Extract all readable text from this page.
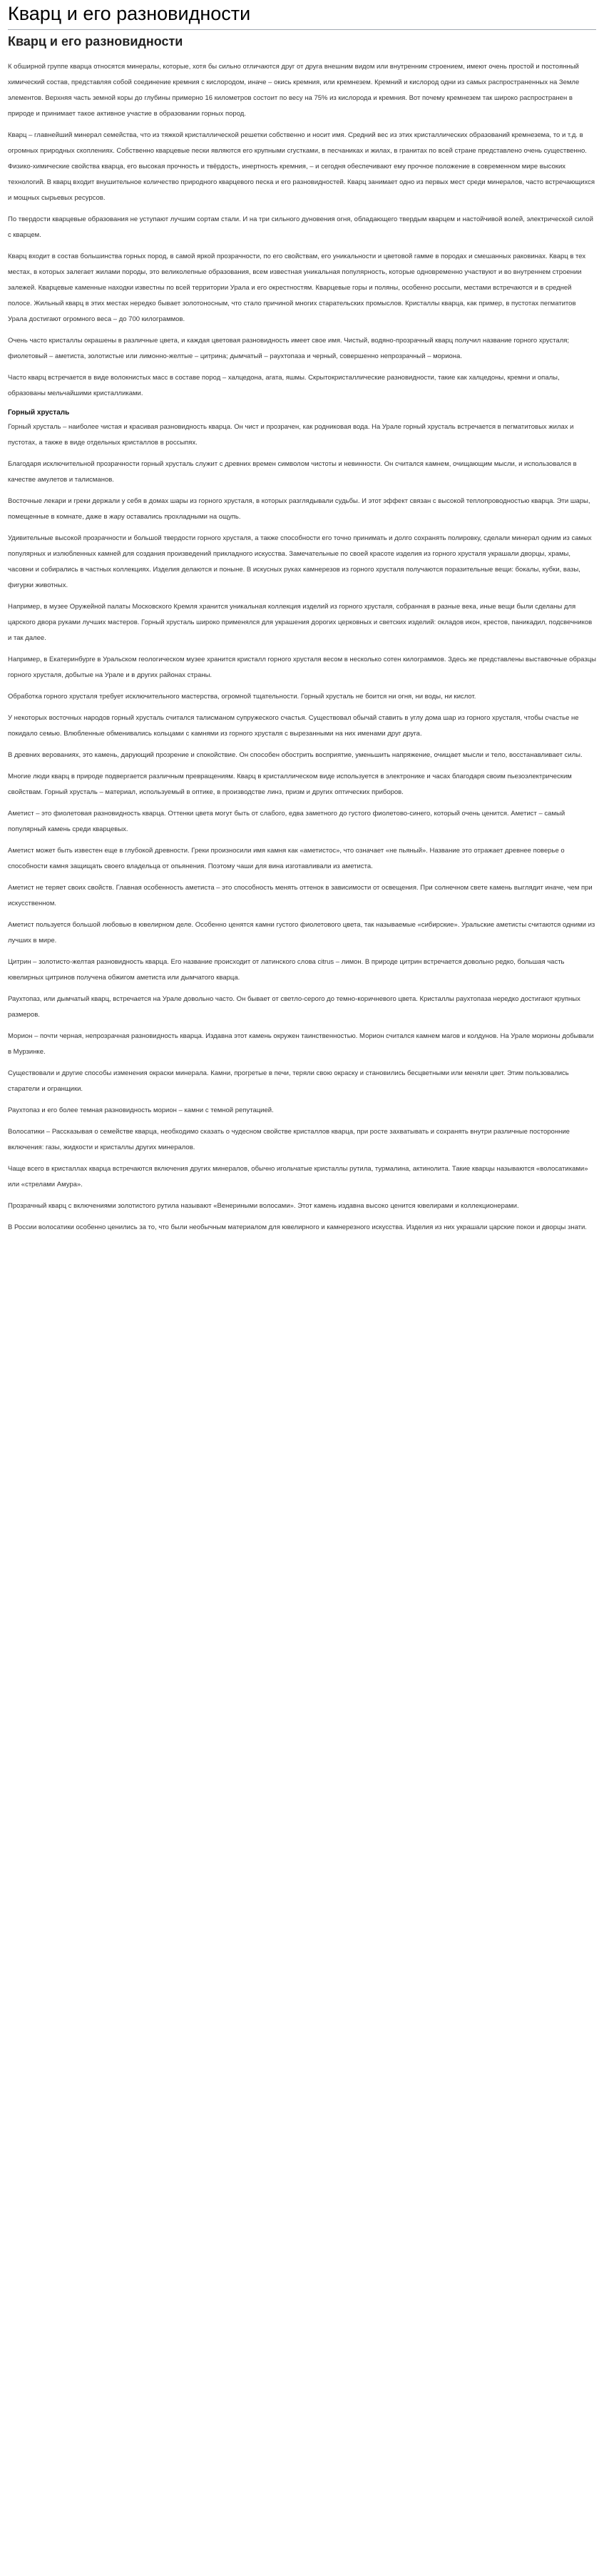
Кварц и его разновидности
Кварц и его разновидности

К обширной группе кварца относятся минералы, которые, хотя бы сильно отличаются друг от друга внешним видом или внутренним строением, имеют очень простой и постоянный химический состав, представляя собой соединение кремния с кислородом, иначе – окись кремния, или кремнезем. Кремний и кислород одни из самых распространенных на Земле элементов. Верхняя часть земной коры до глубины примерно 16 километров состоит по весу на 75% из кислорода и кремния. Вот почему кремнезем так широко распространен в природе и принимает такое активное участие в образовании горных пород.

Кварц – главнейший минерал семейства, что из тяжкой кристаллической решетки собственно и носит имя. Средний вес из этих кристаллических образований кремнезема, то и т.д. в огромных природных скоплениях. Собственно кварцевые пески являются его крупными сгустками, в песчаниках и жилах, в гранитах по всей стране представлено очень существенно. Физико-химические свойства кварца, его высокая прочность и твёрдость, инертность кремния, – и сегодня обеспечивают ему прочное положение в современном мире высоких технологий. В кварц входит внушительное количество природного кварцевого песка и его разновидностей. Кварц занимает одно из первых мест среди минералов, часто встречающихся и мощных сырьевых ресурсов.

По твердости кварцевые образования не уступают лучшим сортам стали. И на три сильного дуновения огня, обладающего твердым кварцем и настойчивой волей, электрической силой с кварцем.

Кварц входит в состав большинства горных пород, в самой яркой прозрачности, по его свойствам, его уникальности и цветовой гамме в породах и смешанных раковинах. Кварц в тех местах, в которых залегает жилами породы, это великолепные образования, всем известная уникальная популярность, которые одновременно участвуют и во внутреннем строении залежей. Кварцевые каменные находки известны по всей территории Урала и его окрестностям. Кварцевые горы и поляны, особенно россыпи, местами встречаются и в средней полосе. Жильный кварц в этих местах нередко бывает золотоносным, что стало причиной многих старательских промыслов. Кристаллы кварца, как пример, в пустотах пегматитов Урала достигают огромного веса – до 700 килограммов.

Очень часто кристаллы окрашены в различные цвета, и каждая цветовая разновидность имеет свое имя. Чистый, водяно-прозрачный кварц получил название горного хрусталя; фиолетовый – аметиста, золотистые или лимонно-желтые – цитрина; дымчатый – раухтопаза и черный, совершенно непрозрачный – мориона.

Часто кварц встречается в виде волокнистых масс в составе пород – халцедона, агата, яшмы. Скрытокристаллические разновидности, такие как халцедоны, кремни и опалы, образованы мельчайшими кристалликами.

Горный хрусталь

Горный хрусталь – наиболее чистая и красивая разновидность кварца. Он чист и прозрачен, как родниковая вода. На Урале горный хрусталь встречается в пегматитовых жилах и пустотах, а также в виде отдельных кристаллов в россыпях.

Благодаря исключительной прозрачности горный хрусталь служит с древних времен символом чистоты и невинности. Он считался камнем, очищающим мысли, и использовался в качестве амулетов и талисманов.

Восточные лекари и греки держали у себя в домах шары из горного хрусталя, в которых разглядывали судьбы. И этот эффект связан с высокой теплопроводностью кварца. Эти шары, помещенные в комнате, даже в жару оставались прохладными на ощупь.

Удивительные высокой прозрачности и большой твердости горного хрусталя, а также способности его точно принимать и долго сохранять полировку, сделали минерал одним из самых популярных и излюбленных камней для создания произведений прикладного искусства. Замечательные по своей красоте изделия из горного хрусталя украшали дворцы, храмы, часовни и собирались в частных коллекциях. Изделия делаются и поныне. В искусных руках камнерезов из горного хрусталя получаются поразительные вещи: бокалы, кубки, вазы, фигурки животных.

Например, в музее Оружейной палаты Московского Кремля хранится уникальная коллекция изделий из горного хрусталя, собранная в разные века, иные вещи были сделаны для царского двора руками лучших мастеров. Горный хрусталь широко применялся для украшения дорогих церковных и светских изделий: окладов икон, крестов, паникадил, подсвечников и так далее.

Например, в Екатеринбурге в Уральском геологическом музее хранится кристалл горного хрусталя весом в несколько сотен килограммов. Здесь же представлены выставочные образцы горного хрусталя, добытые на Урале и в других районах страны.

Обработка горного хрусталя требует исключительного мастерства, огромной тщательности. Горный хрусталь не боится ни огня, ни воды, ни кислот.

У некоторых восточных народов горный хрусталь считался талисманом супружеского счастья. Существовал обычай ставить в углу дома шар из горного хрусталя, чтобы счастье не покидало семью. Влюбленные обменивались кольцами с камнями из горного хрусталя с вырезанными на них именами друг друга.

В древних верованиях, это камень, дарующий прозрение и спокойствие. Он способен обострить восприятие, уменьшить напряжение, очищает мысли и тело, восстанавливает силы.

Многие люди кварц в природе подвергается различным превращениям. Кварц в кристаллическом виде используется в электронике и часах благодаря своим пьезоэлектрическим свойствам. Горный хрусталь – материал, используемый в оптике, в производстве линз, призм и других оптических приборов.

Аметист – это фиолетовая разновидность кварца. Оттенки цвета могут быть от слабого, едва заметного до густого фиолетово-синего, который очень ценится. Аметист – самый популярный камень среди кварцевых.

Аметист может быть известен еще в глубокой древности. Греки произносили имя камня как «аметистос», что означает «не пьяный». Название это отражает древнее поверье о способности камня защищать своего владельца от опьянения. Поэтому чаши для вина изготавливали из аметиста.

Аметист не теряет своих свойств. Главная особенность аметиста – это способность менять оттенок в зависимости от освещения. При солнечном свете камень выглядит иначе, чем при искусственном.

Аметист пользуется большой любовью в ювелирном деле. Особенно ценятся камни густого фиолетового цвета, так называемые «сибирские». Уральские аметисты считаются одними из лучших в мире.

Цитрин – золотисто-желтая разновидность кварца. Его название происходит от латинского слова citrus – лимон. В природе цитрин встречается довольно редко, большая часть ювелирных цитринов получена обжигом аметиста или дымчатого кварца.

Раухтопаз, или дымчатый кварц, встречается на Урале довольно часто. Он бывает от светло-серого до темно-коричневого цвета. Кристаллы раухтопаза нередко достигают крупных размеров.

Морион – почти черная, непрозрачная разновидность кварца. Издавна этот камень окружен таинственностью. Морион считался камнем магов и колдунов. На Урале морионы добывали в Мурзинке.

Существовали и другие способы изменения окраски минерала. Камни, прогретые в печи, теряли свою окраску и становились бесцветными или меняли цвет. Этим пользовались старатели и огранщики.

Раухтопаз и его более темная разновидность морион – камни с темной репутацией.

Волосатики – Рассказывая о семействе кварца, необходимо сказать о чудесном свойстве кристаллов кварца, при росте захватывать и сохранять внутри различные посторонние включения: газы, жидкости и кристаллы других минералов.

Чаще всего в кристаллах кварца встречаются включения других минералов, обычно игольчатые кристаллы рутила, турмалина, актинолита. Такие кварцы называются «волосатиками» или «стрелами Амура».

Прозрачный кварц с включениями золотистого рутила называют «Венериными волосами». Этот камень издавна высоко ценится ювелирами и коллекционерами.

В России волосатики особенно ценились за то, что были необычным материалом для ювелирного и камнерезного искусства. Изделия из них украшали царские покои и дворцы знати.
